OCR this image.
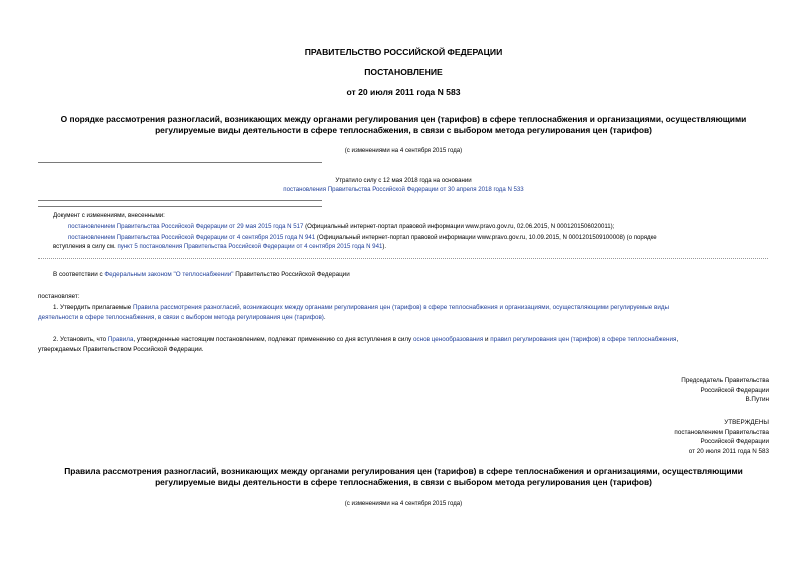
ПРАВИТЕЛЬСТВО РОССИЙСКОЙ ФЕДЕРАЦИИ
ПОСТАНОВЛЕНИЕ
от 20 июля 2011 года N 583

О порядке рассмотрения разногласий, возникающих между органами регулирования цен (тарифов) в сфере теплоснабжения и организациями, осуществляющими

регулируемые виды деятельности в сфере теплоснабжения, в связи с выбором метода регулирования цен (тарифов)

(с изменениями на 4 сентября 2015 года)
Утратило силу с 12 мая 2018 года на основании
постановления Правительства Российской Федерации от 30 апреля 2018 года N 533
Документ с изменениями, внесенными:
постановлением Правительства Российской Федерации от 29 мая 2015 года N 517 (Официальный интернет-портал правовой информации www.pravo.gov.ru, 02.06.2015, N 0001201506020011);
постановлением Правительства Российской Федерации от 4 сентября 2015 года N 941 (Официальный интернет-портал правовой информации www.pravo.gov.ru, 10.09.2015, N 0001201509100008) (о порядке
вступления в силу см. пункт 5 постановления Правительства Российской Федерации от 4 сентября 2015 года N 941).
В соответствии с Федеральным законом "О теплоснабжении" Правительство Российской Федерации
постановляет:
1. Утвердить прилагаемые Правила рассмотрения разногласий, возникающих между органами регулирования цен (тарифов) в сфере теплоснабжения и организациями, осуществляющими регулируемые виды
деятельности в сфере теплоснабжения, в связи с выбором метода регулирования цен (тарифов).
2. Установить, что Правила, утвержденные настоящим постановлением, подлежат применению со дня вступления в силу основ ценообразования и правил регулирования цен (тарифов) в сфере теплоснабжения,
утверждаемых Правительством Российской Федерации.

Председатель Правительства

Российской Федерации

В.Путин

УТВЕРЖДЕНЫ

постановлением Правительства

Российской Федерации

от 20 июля 2011 года N 583

Правила рассмотрения разногласий, возникающих между органами регулирования цен (тарифов) в сфере теплоснабжения и организациями, осуществляющими

регулируемые виды деятельности в сфере теплоснабжения, в связи с выбором метода регулирования цен (тарифов)

(с изменениями на 4 сентября 2015 года)
